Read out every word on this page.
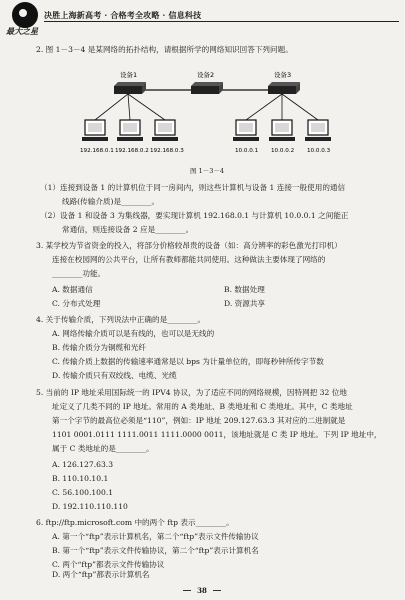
最大之星
决胜上海新高考 · 合格考全攻略 · 信息科技
2. 图 1－3－4 是某网络的拓扑结构，请根据所学的网络知识回答下列问题。
设备1	设备2	设备3
192.168.0.1 192.168.0.2 192.168.0.3	10.0.0.1 10.0.0.2 10.0.0.3
图 1－3－4
（1）连接到设备 1 的计算机位于同一房间内，则这些计算机与设备 1 连接一般使用的通信
线路(传输介质)是________。
（2）设备 1 和设备 3 为集线器，要实现计算机 192.168.0.1 与计算机 10.0.0.1 之间能正
常通信，则连接设备 2 应是________。
3. 某学校为节省资金的投入，将部分价格较昂贵的设备（如：高分辨率的彩色激光打印机）
连接在校园网的公共平台，让所有教师都能共同使用。这种做法主要体现了网络的
________功能。
A. 数据通信	B. 数据处理
C. 分布式处理	D. 资源共享
4. 关于传输介质，下列说法中正确的是________。
A. 网络传输介质可以是有线的，也可以是无线的
B. 传输介质分为铜缆和光纤
C. 传输介质上数据的传输速率通常是以 bps 为计量单位的，即每秒钟所传字节数
D. 传输介质只有双绞线、电缆、光缆
5. 当前的 IP 地址采用国际统一的 IPV4 协议，为了适应不同的网络规模，因特网把 32 位地
址定义了几类不同的 IP 地址。常用的 A 类地址、B 类地址和 C 类地址。其中，C 类地址
第一个字节的最高位必须是“110”，例如：IP 地址 209.127.63.3 其对应的二进制就是
1101 0001.0111 1111.0011 1111.0000 0011，该地址就是 C 类 IP 地址。下列 IP 地址中，
属于 C 类地址的是________。
A. 126.127.63.3
B. 110.10.10.1
C. 56.100.100.1
D. 192.110.110.110
6. ftp://ftp.microsoft.com 中的两个 ftp 表示________。
A. 第一个“ftp”表示计算机名，第二个“ftp”表示文件传输协议
B. 第一个“ftp”表示文件传输协议，第二个“ftp”表示计算机名
C. 两个“ftp”都表示文件传输协议
38
D. 两个“ftp”都表示计算机名
